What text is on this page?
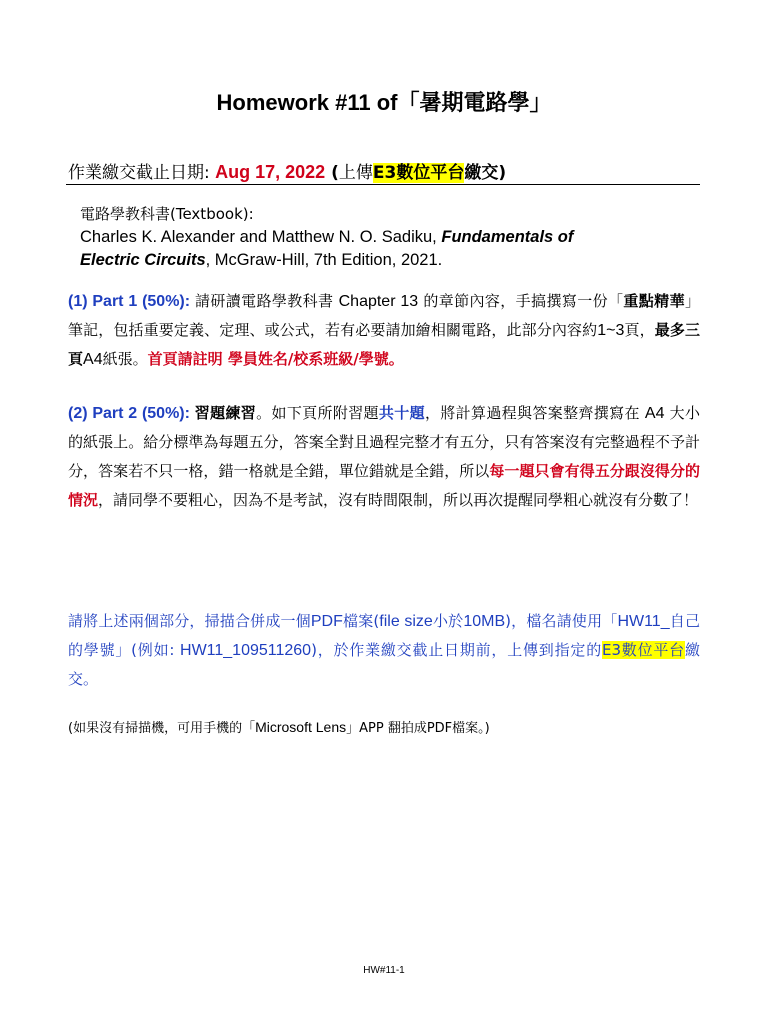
Homework #11 of「暑期電路學」
作業繳交截止日期: Aug 17, 2022 (上傳E3數位平台繳交)
電路學教科書(Textbook):
Charles K. Alexander and Matthew N. O. Sadiku, Fundamentals of
Electric Circuits, McGraw-Hill, 7th Edition, 2021.
(1) Part 1 (50%): 請研讀電路學教科書 Chapter 13 的章節內容，手搞撰寫一份「重點精華」筆記，包括重要定義、定理、或公式，若有必要請加繪相關電路，此部分內容約1~3頁，最多三頁A4紙張。首頁請註明 學員姓名/校系班級/學號。
(2) Part 2 (50%): 習題練習。如下頁所附習題共十題，將計算過程與答案整齊撰寫在 A4 大小的紙張上。給分標準為每題五分，答案全對且過程完整才有五分，只有答案沒有完整過程不予計分，答案若不只一格，錯一格就是全錯，單位錯就是全錯，所以每一題只會有得五分跟沒得分的情況，請同學不要粗心，因為不是考試，沒有時間限制，所以再次提醒同學粗心就沒有分數了！
請將上述兩個部分，掃描合併成一個PDF檔案(file size小於10MB)，檔名請使用「HW11_自己的學號」(例如: HW11_109511260)，於作業繳交截止日期前，上傳到指定的E3數位平台繳交。
(如果沒有掃描機，可用手機的「Microsoft Lens」APP 翻拍成PDF檔案。)
HW#11-1
